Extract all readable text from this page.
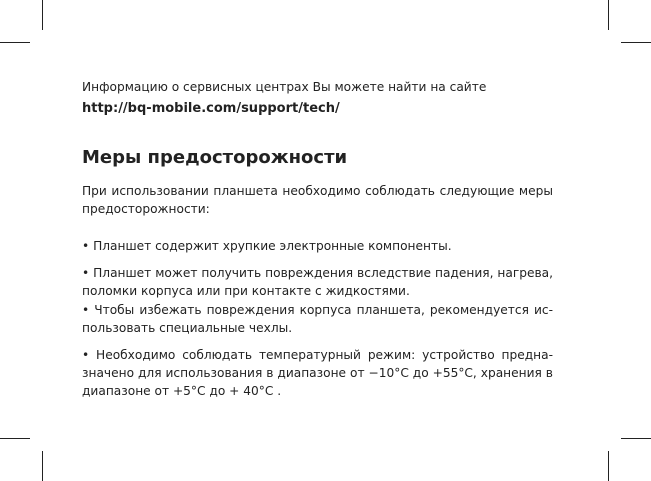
Информацию о сервисных центрах Вы можете найти на сайте
http://bq-mobile.com/support/tech/
Меры предосторожности
При использовании планшета необходимо соблюдать следующие меры
предосторожности:
• Планшет содержит хрупкие электронные компоненты.
• Планшет может получить повреждения вследствие падения, нагрева,
поломки корпуса или при контакте с жидкостями.
• Чтобы избежать повреждения корпуса планшета, рекомендуется ис-
пользовать специальные чехлы.
• Необходимо соблюдать температурный режим: устройство предна-
значено для использования в диапазоне от −10°C до +55°C, хранения в
диапазоне от +5°C до + 40°C .
